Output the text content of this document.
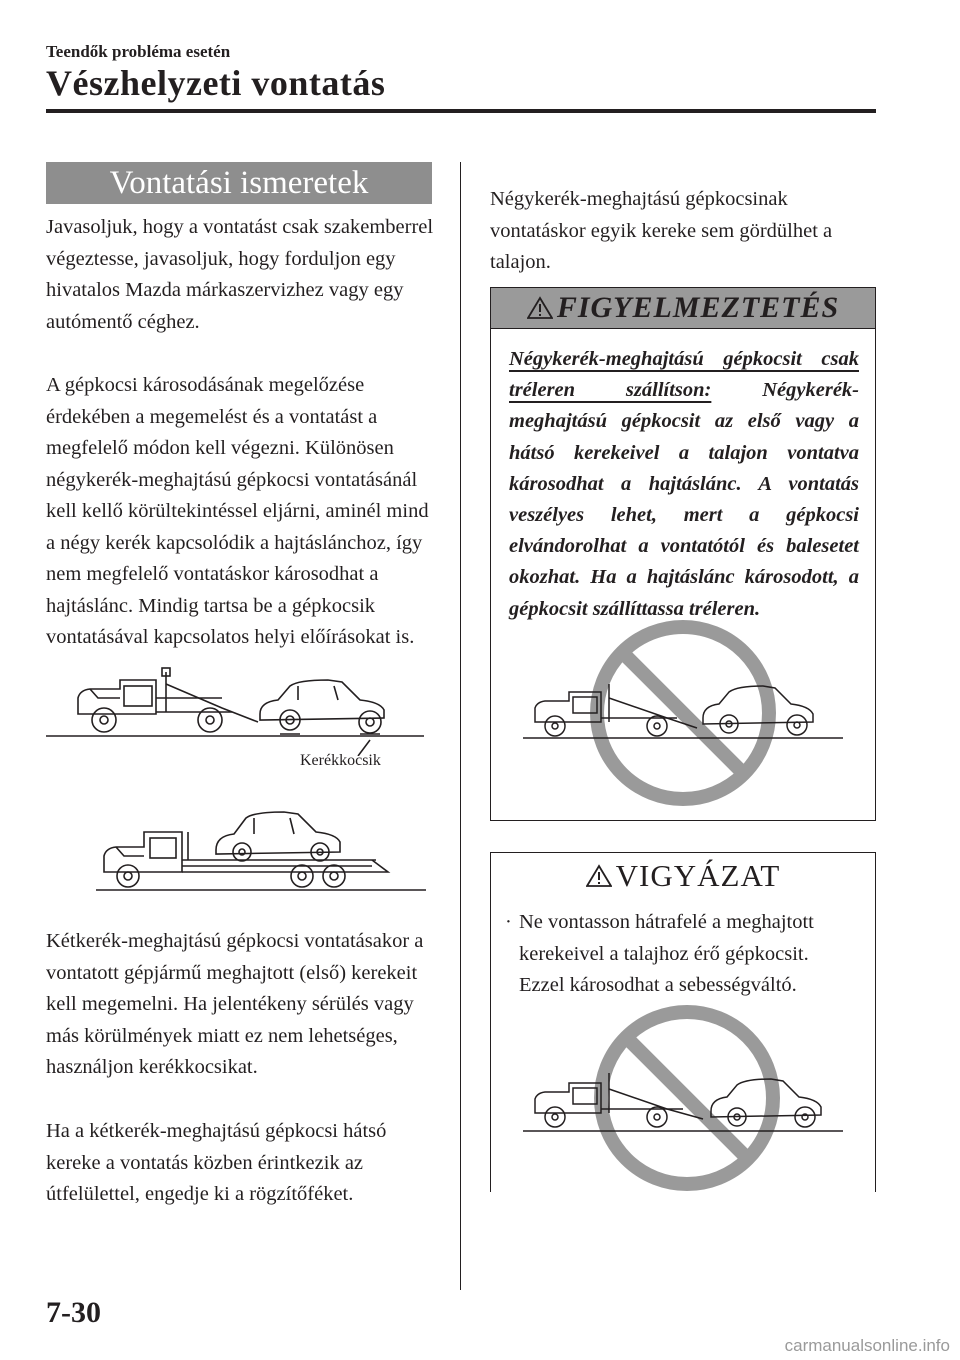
Teendők probléma esetén
Vészhelyzeti vontatás
Vontatási ismeretek

Javasoljuk, hogy a vontatást csak szakemberrel végeztesse, javasoljuk, hogy forduljon egy hivatalos Mazda márkaszervizhez vagy egy autómentő céghez.

A gépkocsi károsodásának megelőzése érdekében a megemelést és a vontatást a megfelelő módon kell végezni. Különösen négykerék-meghajtású gépkocsi vontatásánál kell kellő körültekintéssel eljárni, aminél mind a négy kerék kapcsolódik a hajtáslánchoz, így nem megfelelő vontatáskor károsodhat a hajtáslánc. Mindig tartsa be a gépkocsik vontatásával kapcsolatos helyi előírásokat is.

Kerékkocsik

Kétkerék-meghajtású gépkocsi vontatásakor a vontatott gépjármű meghajtott (első) kerekeit kell megemelni. Ha jelentékeny sérülés vagy más körülmények miatt ez nem lehetséges, használjon kerékkocsikat.

Ha a kétkerék-meghajtású gépkocsi hátsó kereke a vontatás közben érintkezik az útfelülettel, engedje ki a rögzítőféket.

Négykerék-meghajtású gépkocsinak vontatáskor egyik kereke sem gördülhet a talajon.

FIGYELMEZTETÉS
Négykerék-meghajtású gépkocsit csak tréleren szállítson: Négykerék-meghajtású gépkocsit az első vagy a hátsó kerekeivel a talajon vontatva károsodhat a hajtáslánc. A vontatás veszélyes lehet, mert a gépkocsi elvándorolhat a vontatótól és balesetet okozhat. Ha a hajtáslánc károsodott, a gépkocsit szállíttassa tréleren.
VIGYÁZAT
· Ne vontasson hátrafelé a meghajtott kerekeivel a talajhoz érő gépkocsit. Ezzel károsodhat a sebességváltó.
7-30
carmanualsonline.info
